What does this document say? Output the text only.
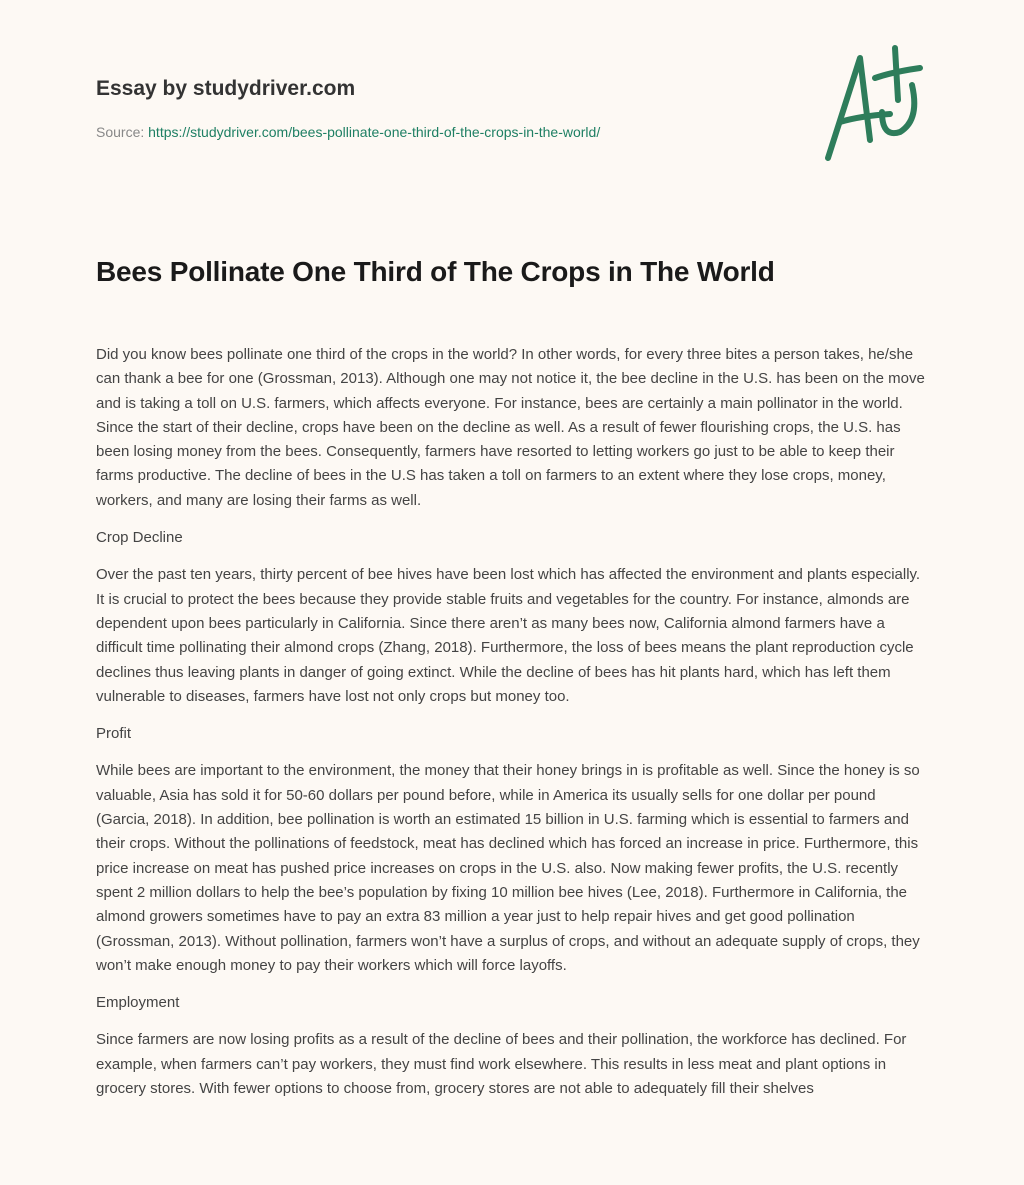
Essay by studydriver.com
Source: https://studydriver.com/bees-pollinate-one-third-of-the-crops-in-the-world/
Bees Pollinate One Third of The Crops in The World

Did you know bees pollinate one third of the crops in the world? In other words, for every three bites a person takes, he/she can thank a bee for one (Grossman, 2013). Although one may not notice it, the bee decline in the U.S. has been on the move and is taking a toll on U.S. farmers, which affects everyone. For instance, bees are certainly a main pollinator in the world. Since the start of their decline, crops have been on the decline as well. As a result of fewer flourishing crops, the U.S. has been losing money from the bees. Consequently, farmers have resorted to letting workers go just to be able to keep their farms productive. The decline of bees in the U.S has taken a toll on farmers to an extent where they lose crops, money, workers, and many are losing their farms as well.

Crop Decline

Over the past ten years, thirty percent of bee hives have been lost which has affected the environment and plants especially. It is crucial to protect the bees because they provide stable fruits and vegetables for the country. For instance, almonds are dependent upon bees particularly in California. Since there aren’t as many bees now, California almond farmers have a difficult time pollinating their almond crops (Zhang, 2018). Furthermore, the loss of bees means the plant reproduction cycle declines thus leaving plants in danger of going extinct. While the decline of bees has hit plants hard, which has left them vulnerable to diseases, farmers have lost not only crops but money too.

Profit

While bees are important to the environment, the money that their honey brings in is profitable as well. Since the honey is so valuable, Asia has sold it for 50-60 dollars per pound before, while in America its usually sells for one dollar per pound (Garcia, 2018). In addition, bee pollination is worth an estimated 15 billion in U.S. farming which is essential to farmers and their crops. Without the pollinations of feedstock, meat has declined which has forced an increase in price. Furthermore, this price increase on meat has pushed price increases on crops in the U.S. also. Now making fewer profits, the U.S. recently spent 2 million dollars to help the bee’s population by fixing 10 million bee hives (Lee, 2018). Furthermore in California, the almond growers sometimes have to pay an extra 83 million a year just to help repair hives and get good pollination (Grossman, 2013). Without pollination, farmers won’t have a surplus of crops, and without an adequate supply of crops, they won’t make enough money to pay their workers which will force layoffs.

Employment

Since farmers are now losing profits as a result of the decline of bees and their pollination, the workforce has declined. For example, when farmers can’t pay workers, they must find work elsewhere. This results in less meat and plant options in grocery stores. With fewer options to choose from, grocery stores are not able to adequately fill their shelves
